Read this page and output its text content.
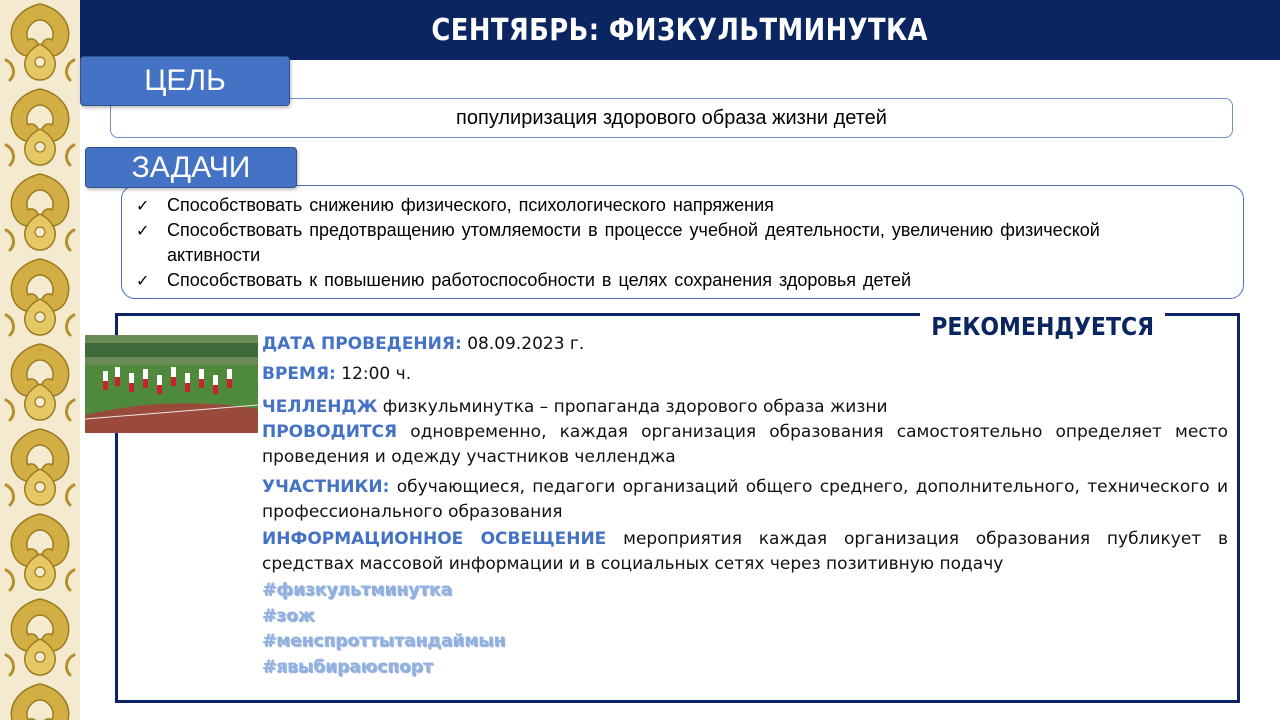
СЕНТЯБРЬ: ФИЗКУЛЬТМИНУТКА
популиризация здорового образа жизни детей
ЦЕЛЬ
✓ Способствовать снижению физического, психологического напряжения
✓ Способствовать предотвращению утомляемости в процессе учебной деятельности, увеличению физической активности
✓ Способствовать к повышению работоспособности в целях сохранения здоровья детей
ЗАДАЧИ
РЕКОМЕНДУЕТСЯ

ДАТА ПРОВЕДЕНИЯ: 08.09.2023 г.

ВРЕМЯ: 12:00 ч.

ЧЕЛЛЕНДЖ физкульминутка – пропаганда здорового образа жизни

ПРОВОДИТСЯ одновременно, каждая организация образования самостоятельно определяет место проведения и одежду участников челленджа

УЧАСТНИКИ: обучающиеся, педагоги организаций общего среднего, дополнительного, технического и профессионального образования

ИНФОРМАЦИОННОЕ ОСВЕЩЕНИЕ мероприятия каждая организация образования публикует в средствах массовой информации и в социальных сетях через позитивную подачу

#физкультминутка
#зож
#менспроттытандаймын
#явыбираюспорт
